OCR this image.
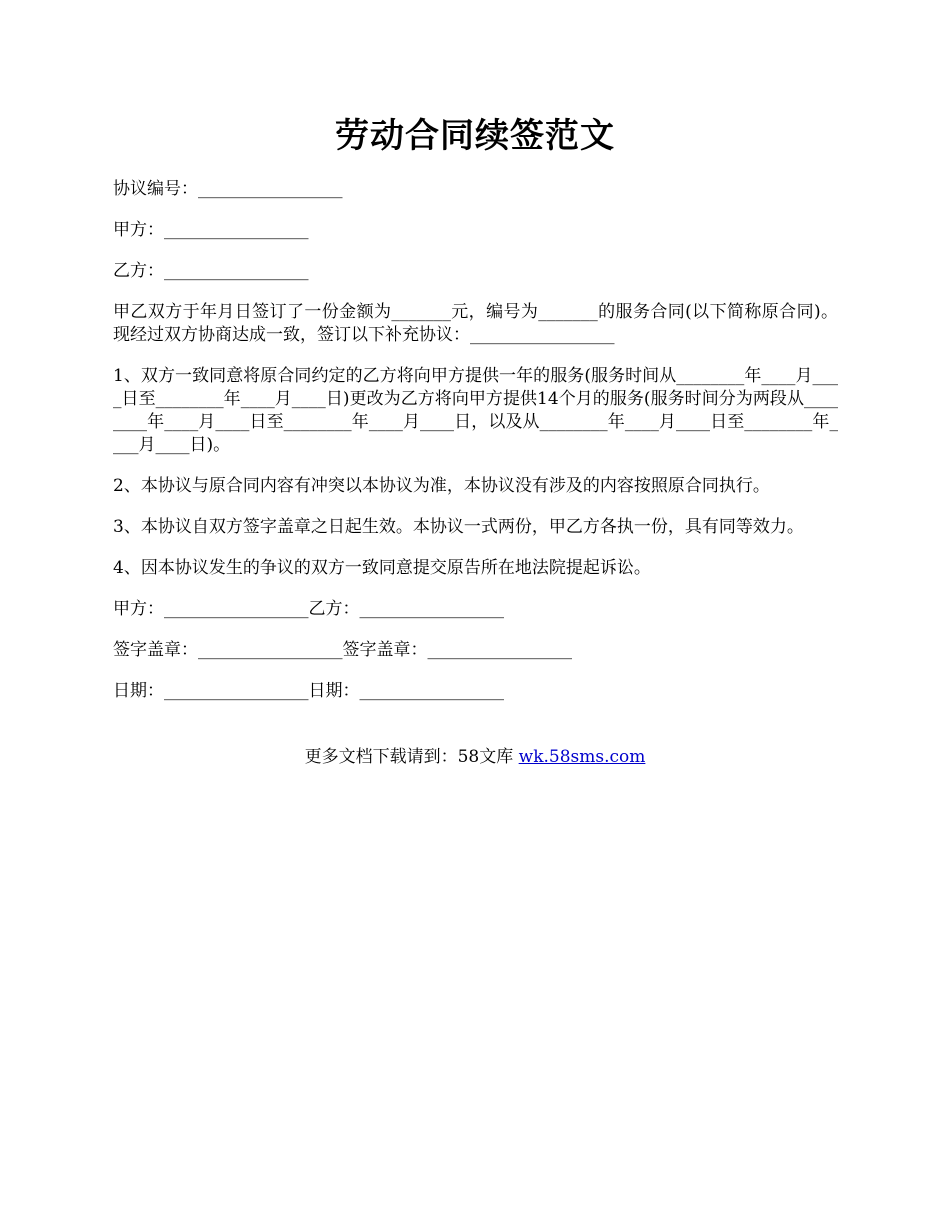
劳动合同续签范文

协议编号：_________________

甲方：_________________

乙方：_________________

甲乙双方于年月日签订了一份金额为_______元，编号为_______的服务合同(以下简称原合同)。现经过双方协商达成一致，签订以下补充协议：_________________

1、双方一致同意将原合同约定的乙方将向甲方提供一年的服务(服务时间从________年____月____日至________年____月____日)更改为乙方将向甲方提供14个月的服务(服务时间分为两段从________年____月____日至________年____月____日，以及从________年____月____日至________年____月____日)。

2、本协议与原合同内容有冲突以本协议为准，本协议没有涉及的内容按照原合同执行。

3、本协议自双方签字盖章之日起生效。本协议一式两份，甲乙方各执一份，具有同等效力。

4、因本协议发生的争议的双方一致同意提交原告所在地法院提起诉讼。

甲方：_________________乙方：_________________

签字盖章：_________________签字盖章：_________________

日期：_________________日期：_________________

更多文档下载请到：58文库 wk.58sms.com
